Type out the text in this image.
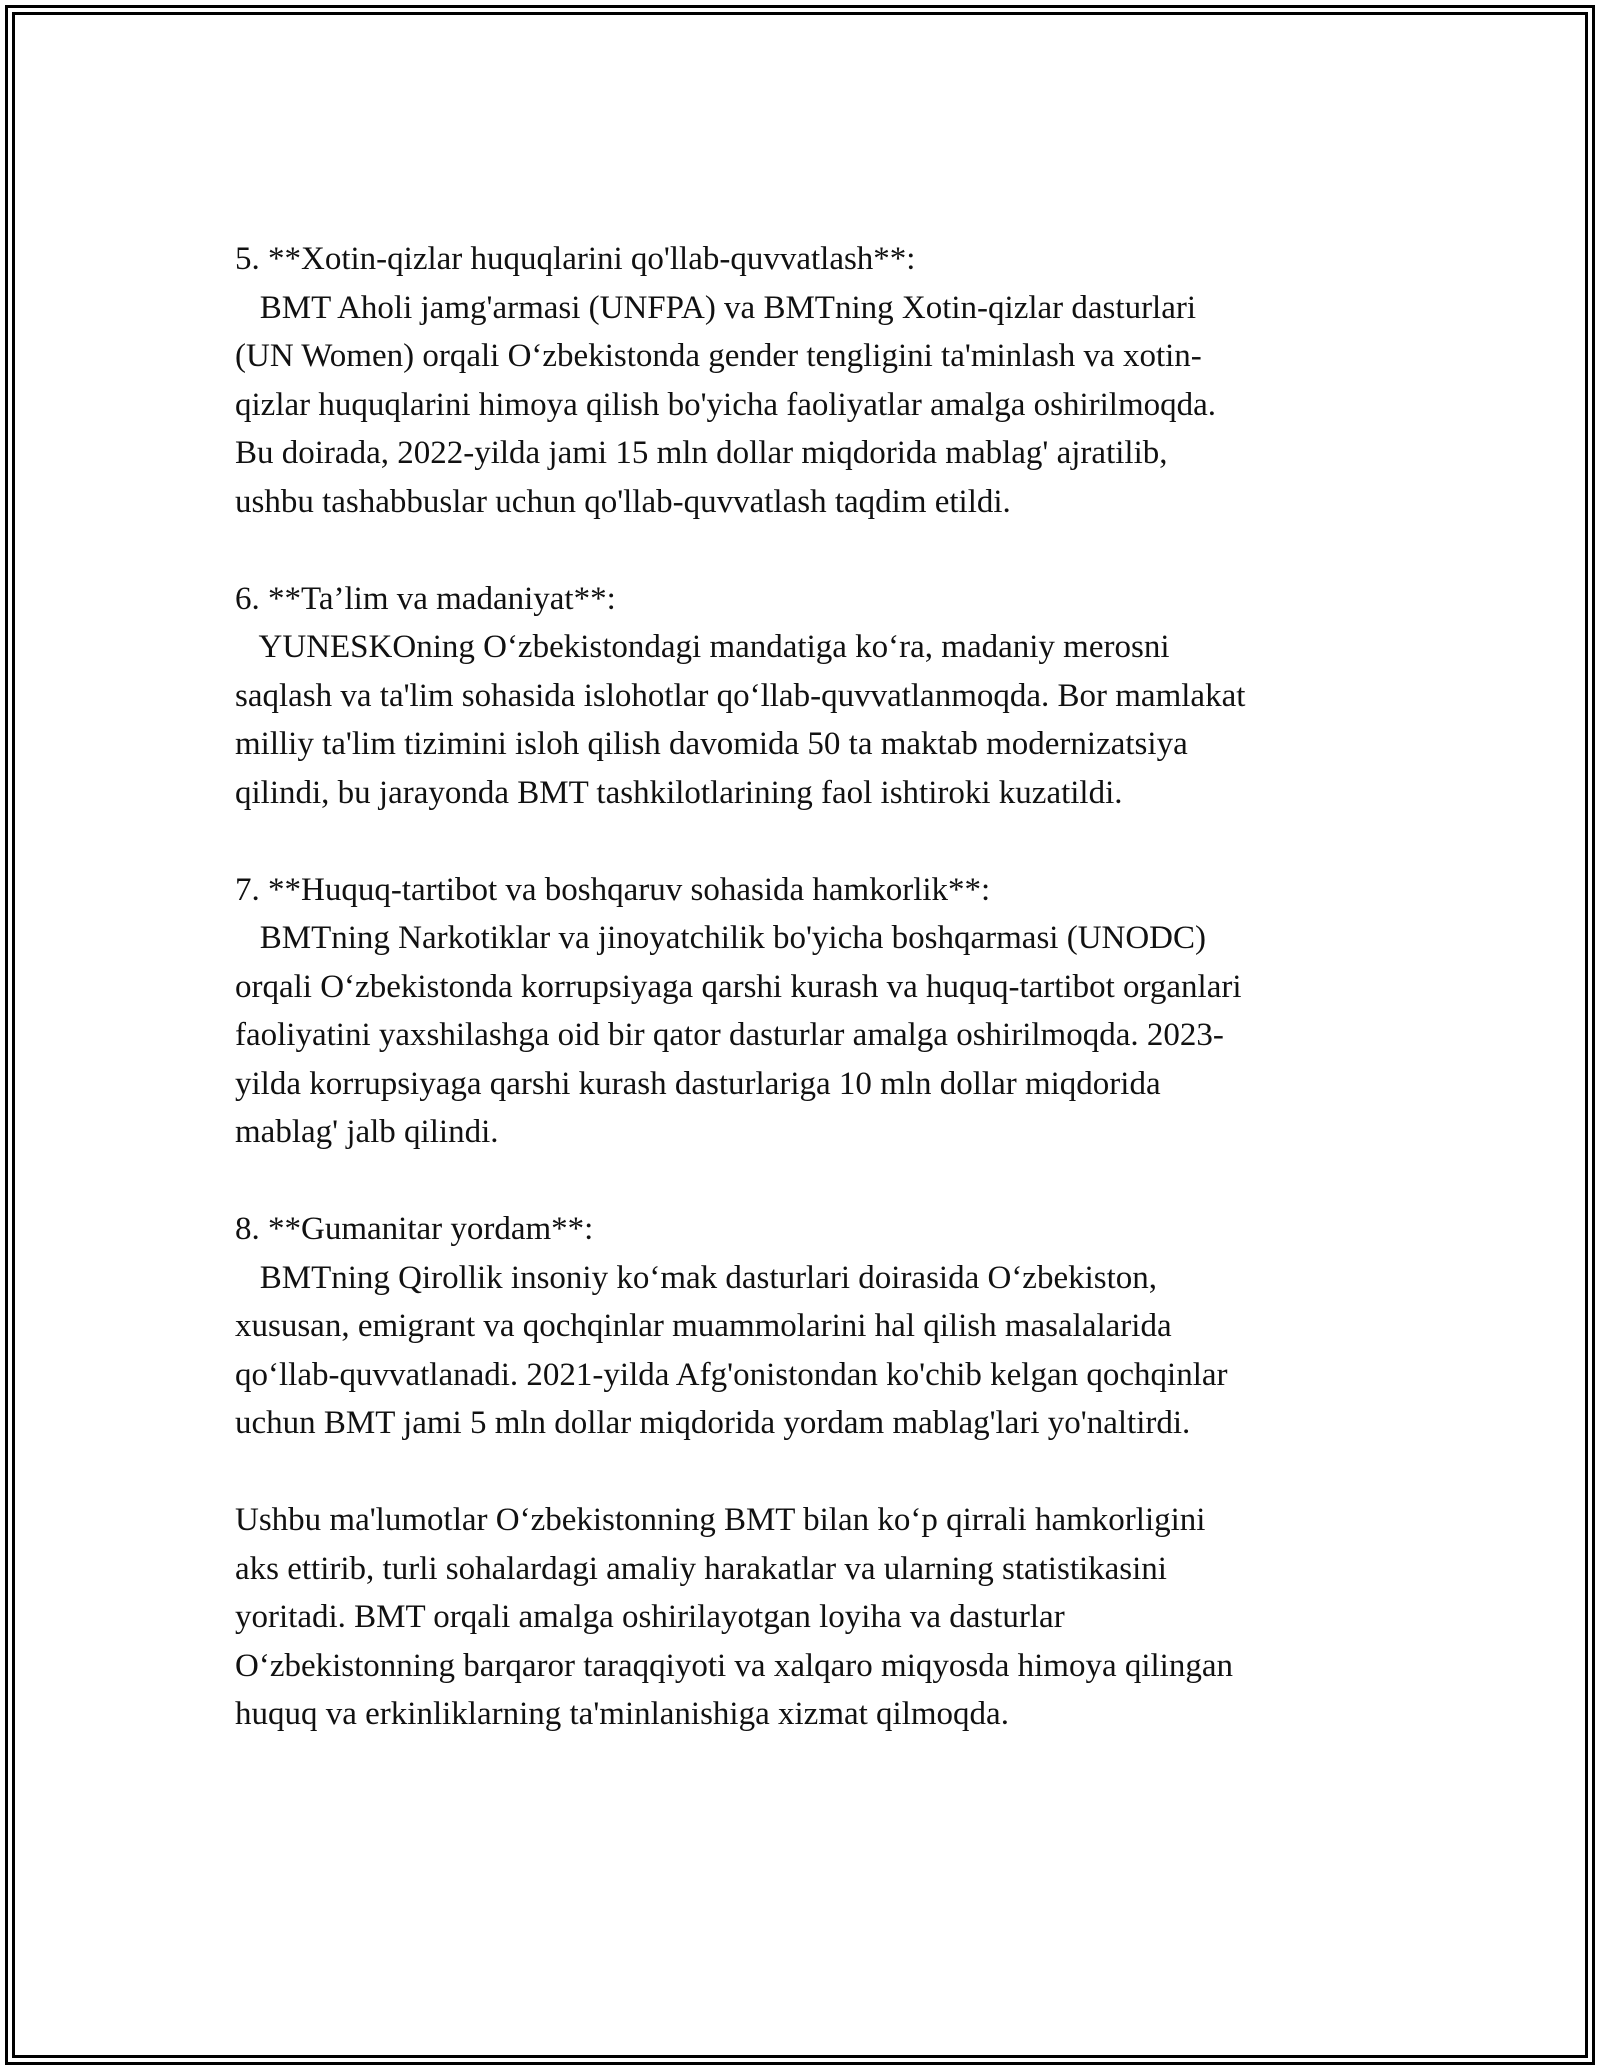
5. **Xotin-qizlar huquqlarini qo'llab-quvvatlash**:
BMT Aholi jamg'armasi (UNFPA) va BMTning Xotin-qizlar dasturlari
(UN Women) orqali O‘zbekistonda gender tengligini ta'minlash va xotin-
qizlar huquqlarini himoya qilish bo'yicha faoliyatlar amalga oshirilmoqda.
Bu doirada, 2022-yilda jami 15 mln dollar miqdorida mablag' ajratilib,
ushbu tashabbuslar uchun qo'llab-quvvatlash taqdim etildi.
6. **Ta’lim va madaniyat**:
YUNESKOning O‘zbekistondagi mandatiga ko‘ra, madaniy merosni
saqlash va ta'lim sohasida islohotlar qo‘llab-quvvatlanmoqda. Bor mamlakat
milliy ta'lim tizimini isloh qilish davomida 50 ta maktab modernizatsiya
qilindi, bu jarayonda BMT tashkilotlarining faol ishtiroki kuzatildi.
7. **Huquq-tartibot va boshqaruv sohasida hamkorlik**:
BMTning Narkotiklar va jinoyatchilik bo'yicha boshqarmasi (UNODC)
orqali O‘zbekistonda korrupsiyaga qarshi kurash va huquq-tartibot organlari
faoliyatini yaxshilashga oid bir qator dasturlar amalga oshirilmoqda. 2023-
yilda korrupsiyaga qarshi kurash dasturlariga 10 mln dollar miqdorida
mablag' jalb qilindi.
8. **Gumanitar yordam**:
BMTning Qirollik insoniy ko‘mak dasturlari doirasida O‘zbekiston,
xususan, emigrant va qochqinlar muammolarini hal qilish masalalarida
qo‘llab-quvvatlanadi. 2021-yilda Afg'onistondan ko'chib kelgan qochqinlar
uchun BMT jami 5 mln dollar miqdorida yordam mablag'lari yo'naltirdi.
Ushbu ma'lumotlar O‘zbekistonning BMT bilan ko‘p qirrali hamkorligini
aks ettirib, turli sohalardagi amaliy harakatlar va ularning statistikasini
yoritadi. BMT orqali amalga oshirilayotgan loyiha va dasturlar
O‘zbekistonning barqaror taraqqiyoti va xalqaro miqyosda himoya qilingan
huquq va erkinliklarning ta'minlanishiga xizmat qilmoqda.
